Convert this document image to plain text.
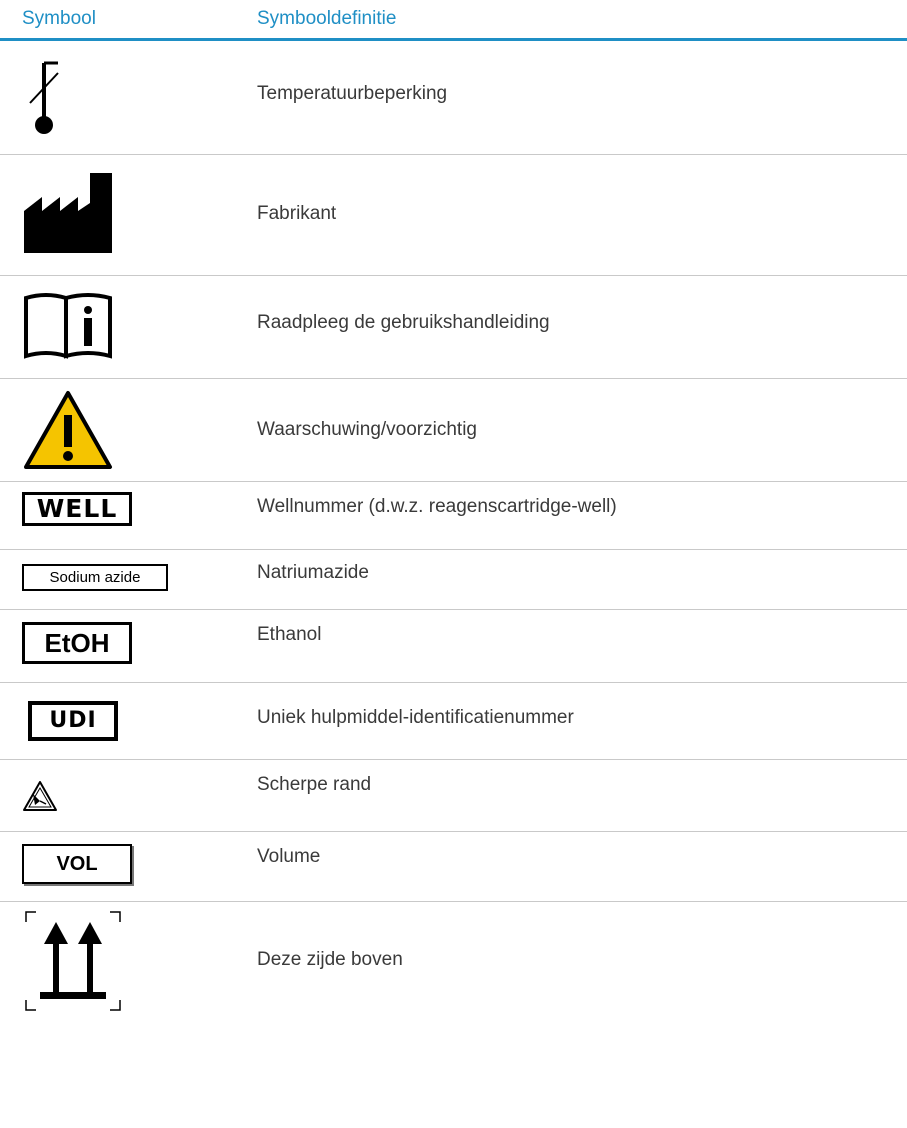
Symbool	Symbooldefinitie
Temperatuurbeperking
Fabrikant
Raadpleeg de gebruikshandleiding
Waarschuwing/voorzichtig
WELL	Wellnummer (d.w.z. reagenscartridge-well)
Sodium azide	Natriumazide
EtOH	Ethanol
UDI	Uniek hulpmiddel-identificatienummer
Scherpe rand
VOL	Volume
Deze zijde boven
